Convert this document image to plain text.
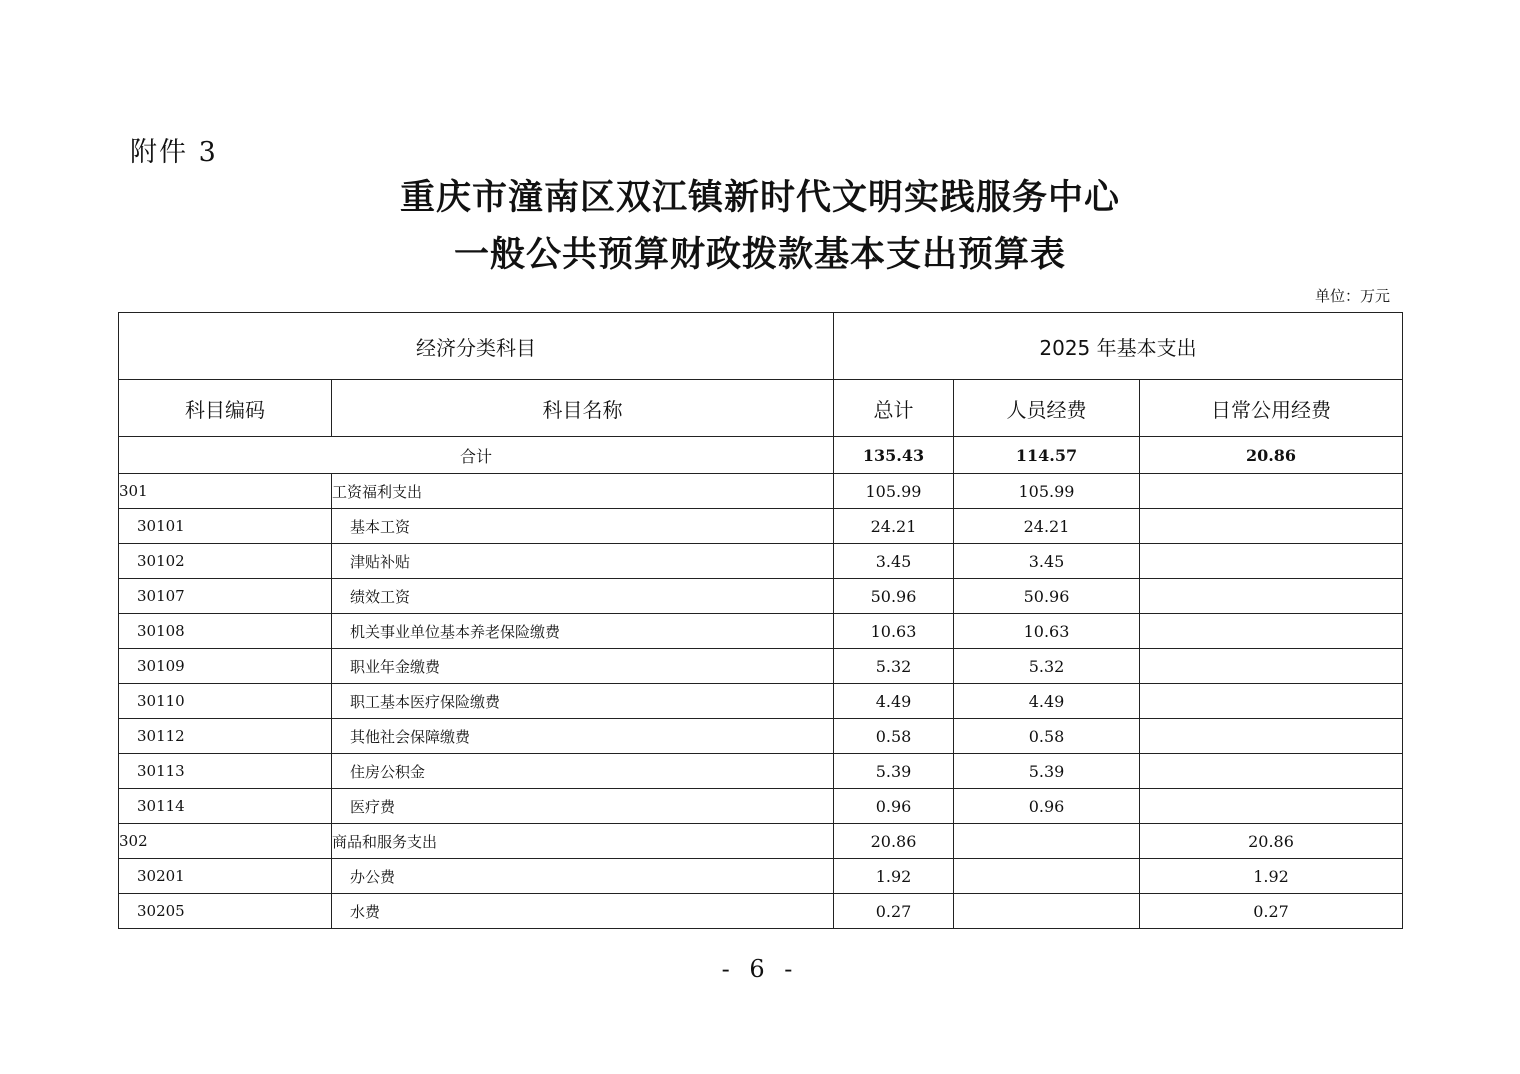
附件 3
重庆市潼南区双江镇新时代文明实践服务中心
一般公共预算财政拨款基本支出预算表
单位：万元
经济分类科目		2025 年基本支出		
科目编码	科目名称	总计	人员经费	日常公用经费
合计		135.43	114.57	20.86
301	工资福利支出	105.99	105.99	
30101	基本工资	24.21	24.21	
30102	津贴补贴	3.45	3.45	
30107	绩效工资	50.96	50.96	
30108	机关事业单位基本养老保险缴费	10.63	10.63	
30109	职业年金缴费	5.32	5.32	
30110	职工基本医疗保险缴费	4.49	4.49	
30112	其他社会保障缴费	0.58	0.58	
30113	住房公积金	5.39	5.39	
30114	医疗费	0.96	0.96	
302	商品和服务支出	20.86		20.86
30201	办公费	1.92		1.92
30205	水费	0.27		0.27
- 6 -
